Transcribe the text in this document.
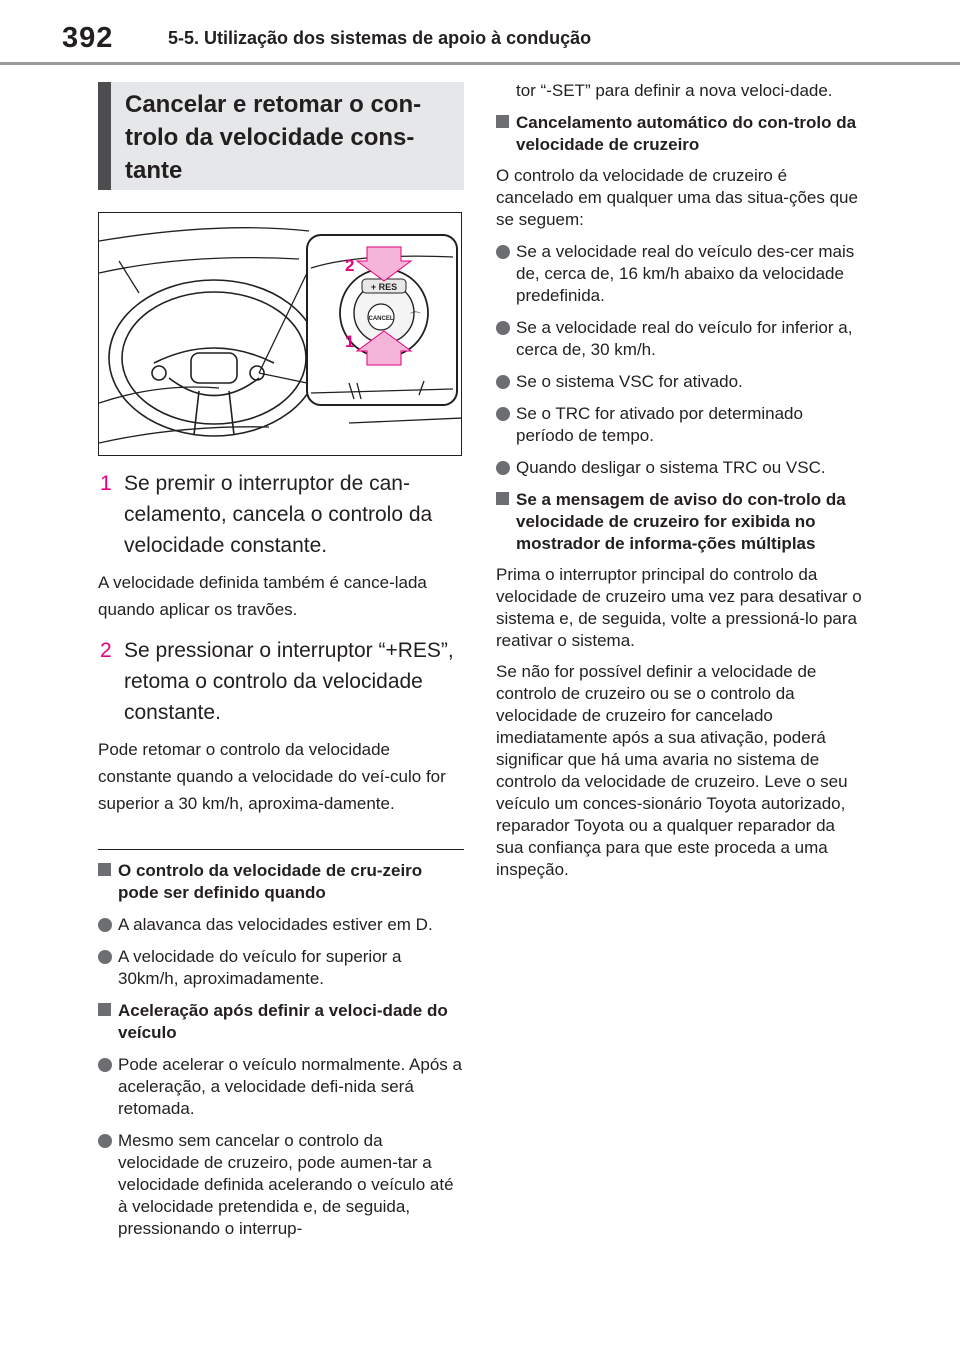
392	5-5. Utilização dos sistemas de apoio à condução
Cancelar e retomar o con-
trolo da velocidade cons-
tante
+ RES
CANCEL ⌒
2
1
1 Se premir o interruptor de can-celamento, cancela o controlo da velocidade constante.
A velocidade definida também é cance-lada quando aplicar os travões.
2 Se pressionar o interruptor “+RES”, retoma o controlo da velocidade constante.
Pode retomar o controlo da velocidade constante quando a velocidade do veí-culo for superior a 30 km/h, aproxima-damente.
O controlo da velocidade de cru-zeiro pode ser definido quando
A alavanca das velocidades estiver em D.
A velocidade do veículo for superior a 30km/h, aproximadamente.
Aceleração após definir a veloci-dade do veículo
Pode acelerar o veículo normalmente. Após a aceleração, a velocidade defi-nida será retomada.
Mesmo sem cancelar o controlo da velocidade de cruzeiro, pode aumen-tar a velocidade definida acelerando o veículo até à velocidade pretendida e, de seguida, pressionando o interrup-
tor “-SET” para definir a nova veloci-dade.
Cancelamento automático do con-trolo da velocidade de cruzeiro
O controlo da velocidade de cruzeiro é cancelado em qualquer uma das situa-ções que se seguem:
Se a velocidade real do veículo des-cer mais de, cerca de, 16 km/h abaixo da velocidade predefinida.
Se a velocidade real do veículo for inferior a, cerca de, 30 km/h.
Se o sistema VSC for ativado.
Se o TRC for ativado por determinado período de tempo.
Quando desligar o sistema TRC ou VSC.
Se a mensagem de aviso do con-trolo da velocidade de cruzeiro for exibida no mostrador de informa-ções múltiplas
Prima o interruptor principal do controlo da velocidade de cruzeiro uma vez para desativar o sistema e, de seguida, volte a pressioná-lo para reativar o sistema.
Se não for possível definir a velocidade de controlo de cruzeiro ou se o controlo da velocidade de cruzeiro for cancelado imediatamente após a sua ativação, poderá significar que há uma avaria no sistema de controlo da velocidade de cruzeiro. Leve o seu veículo um conces-sionário Toyota autorizado, reparador Toyota ou a qualquer reparador da sua confiança para que este proceda a uma inspeção.
